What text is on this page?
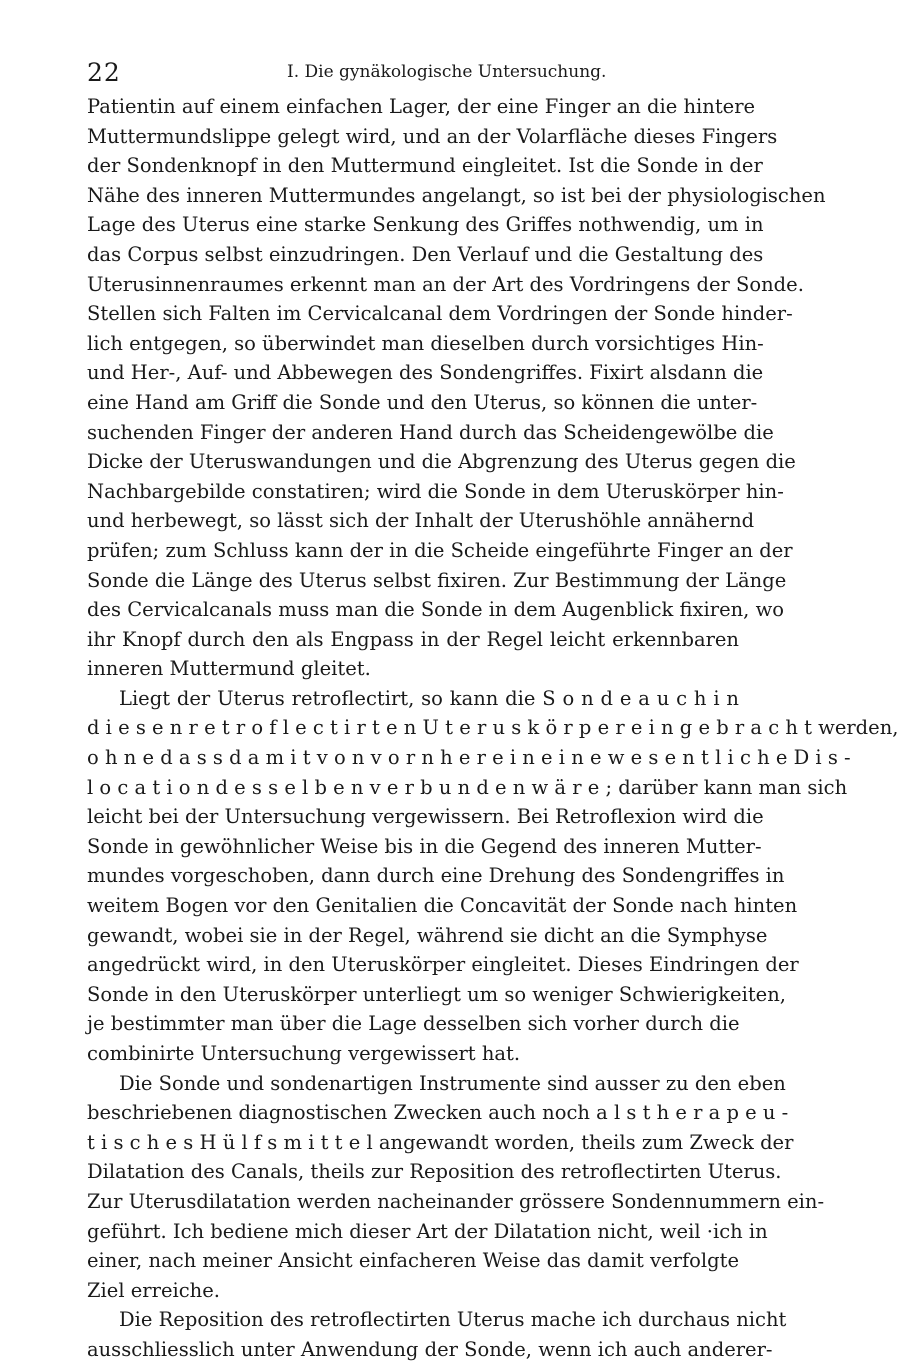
22	I. Die gynäkologische Untersuchung.
Patientin auf einem einfachen Lager, der eine Finger an die hintere
Muttermundslippe gelegt wird, und an der Volarfläche dieses Fingers
der Sondenknopf in den Muttermund eingleitet. Ist die Sonde in der
Nähe des inneren Muttermundes angelangt, so ist bei der physiologischen
Lage des Uterus eine starke Senkung des Griffes nothwendig, um in
das Corpus selbst einzudringen. Den Verlauf und die Gestaltung des
Uterusinnenraumes erkennt man an der Art des Vordringens der Sonde.
Stellen sich Falten im Cervicalcanal dem Vordringen der Sonde hinder-
lich entgegen, so überwindet man dieselben durch vorsichtiges Hin-
und Her-, Auf- und Abbewegen des Sondengriffes. Fixirt alsdann die
eine Hand am Griff die Sonde und den Uterus, so können die unter-
suchenden Finger der anderen Hand durch das Scheidengewölbe die
Dicke der Uteruswandungen und die Abgrenzung des Uterus gegen die
Nachbargebilde constatiren; wird die Sonde in dem Uteruskörper hin-
und herbewegt, so lässt sich der Inhalt der Uterushöhle annähernd
prüfen; zum Schluss kann der in die Scheide eingeführte Finger an der
Sonde die Länge des Uterus selbst fixiren. Zur Bestimmung der Länge
des Cervicalcanals muss man die Sonde in dem Augenblick fixiren, wo
ihr Knopf durch den als Engpass in der Regel leicht erkennbaren
inneren Muttermund gleitet.
Liegt der Uterus retroflectirt, so kann die S o n d e a u c h i n
d i e s e n r e t r o f l e c t i r t e n U t e r u s k ö r p e r e i n g e b r a c h t werden,
o h n e d a s s d a m i t v o n v o r n h e r e i n e i n e w e s e n t l i c h e D i s -
l o c a t i o n d e s s e l b e n v e r b u n d e n w ä r e ; darüber kann man sich
leicht bei der Untersuchung vergewissern. Bei Retroflexion wird die
Sonde in gewöhnlicher Weise bis in die Gegend des inneren Mutter-
mundes vorgeschoben, dann durch eine Drehung des Sondengriffes in
weitem Bogen vor den Genitalien die Concavität der Sonde nach hinten
gewandt, wobei sie in der Regel, während sie dicht an die Symphyse
angedrückt wird, in den Uteruskörper eingleitet. Dieses Eindringen der
Sonde in den Uteruskörper unterliegt um so weniger Schwierigkeiten,
je bestimmter man über die Lage desselben sich vorher durch die
combinirte Untersuchung vergewissert hat.
Die Sonde und sondenartigen Instrumente sind ausser zu den eben
beschriebenen diagnostischen Zwecken auch noch a l s t h e r a p e u -
t i s c h e s H ü l f s m i t t e l angewandt worden, theils zum Zweck der
Dilatation des Canals, theils zur Reposition des retroflectirten Uterus.
Zur Uterusdilatation werden nacheinander grössere Sondennummern ein-
geführt. Ich bediene mich dieser Art der Dilatation nicht, weil ·ich in
einer, nach meiner Ansicht einfacheren Weise das damit verfolgte
Ziel erreiche.
Die Reposition des retroflectirten Uterus mache ich durchaus nicht
ausschliesslich unter Anwendung der Sonde, wenn ich auch anderer-
